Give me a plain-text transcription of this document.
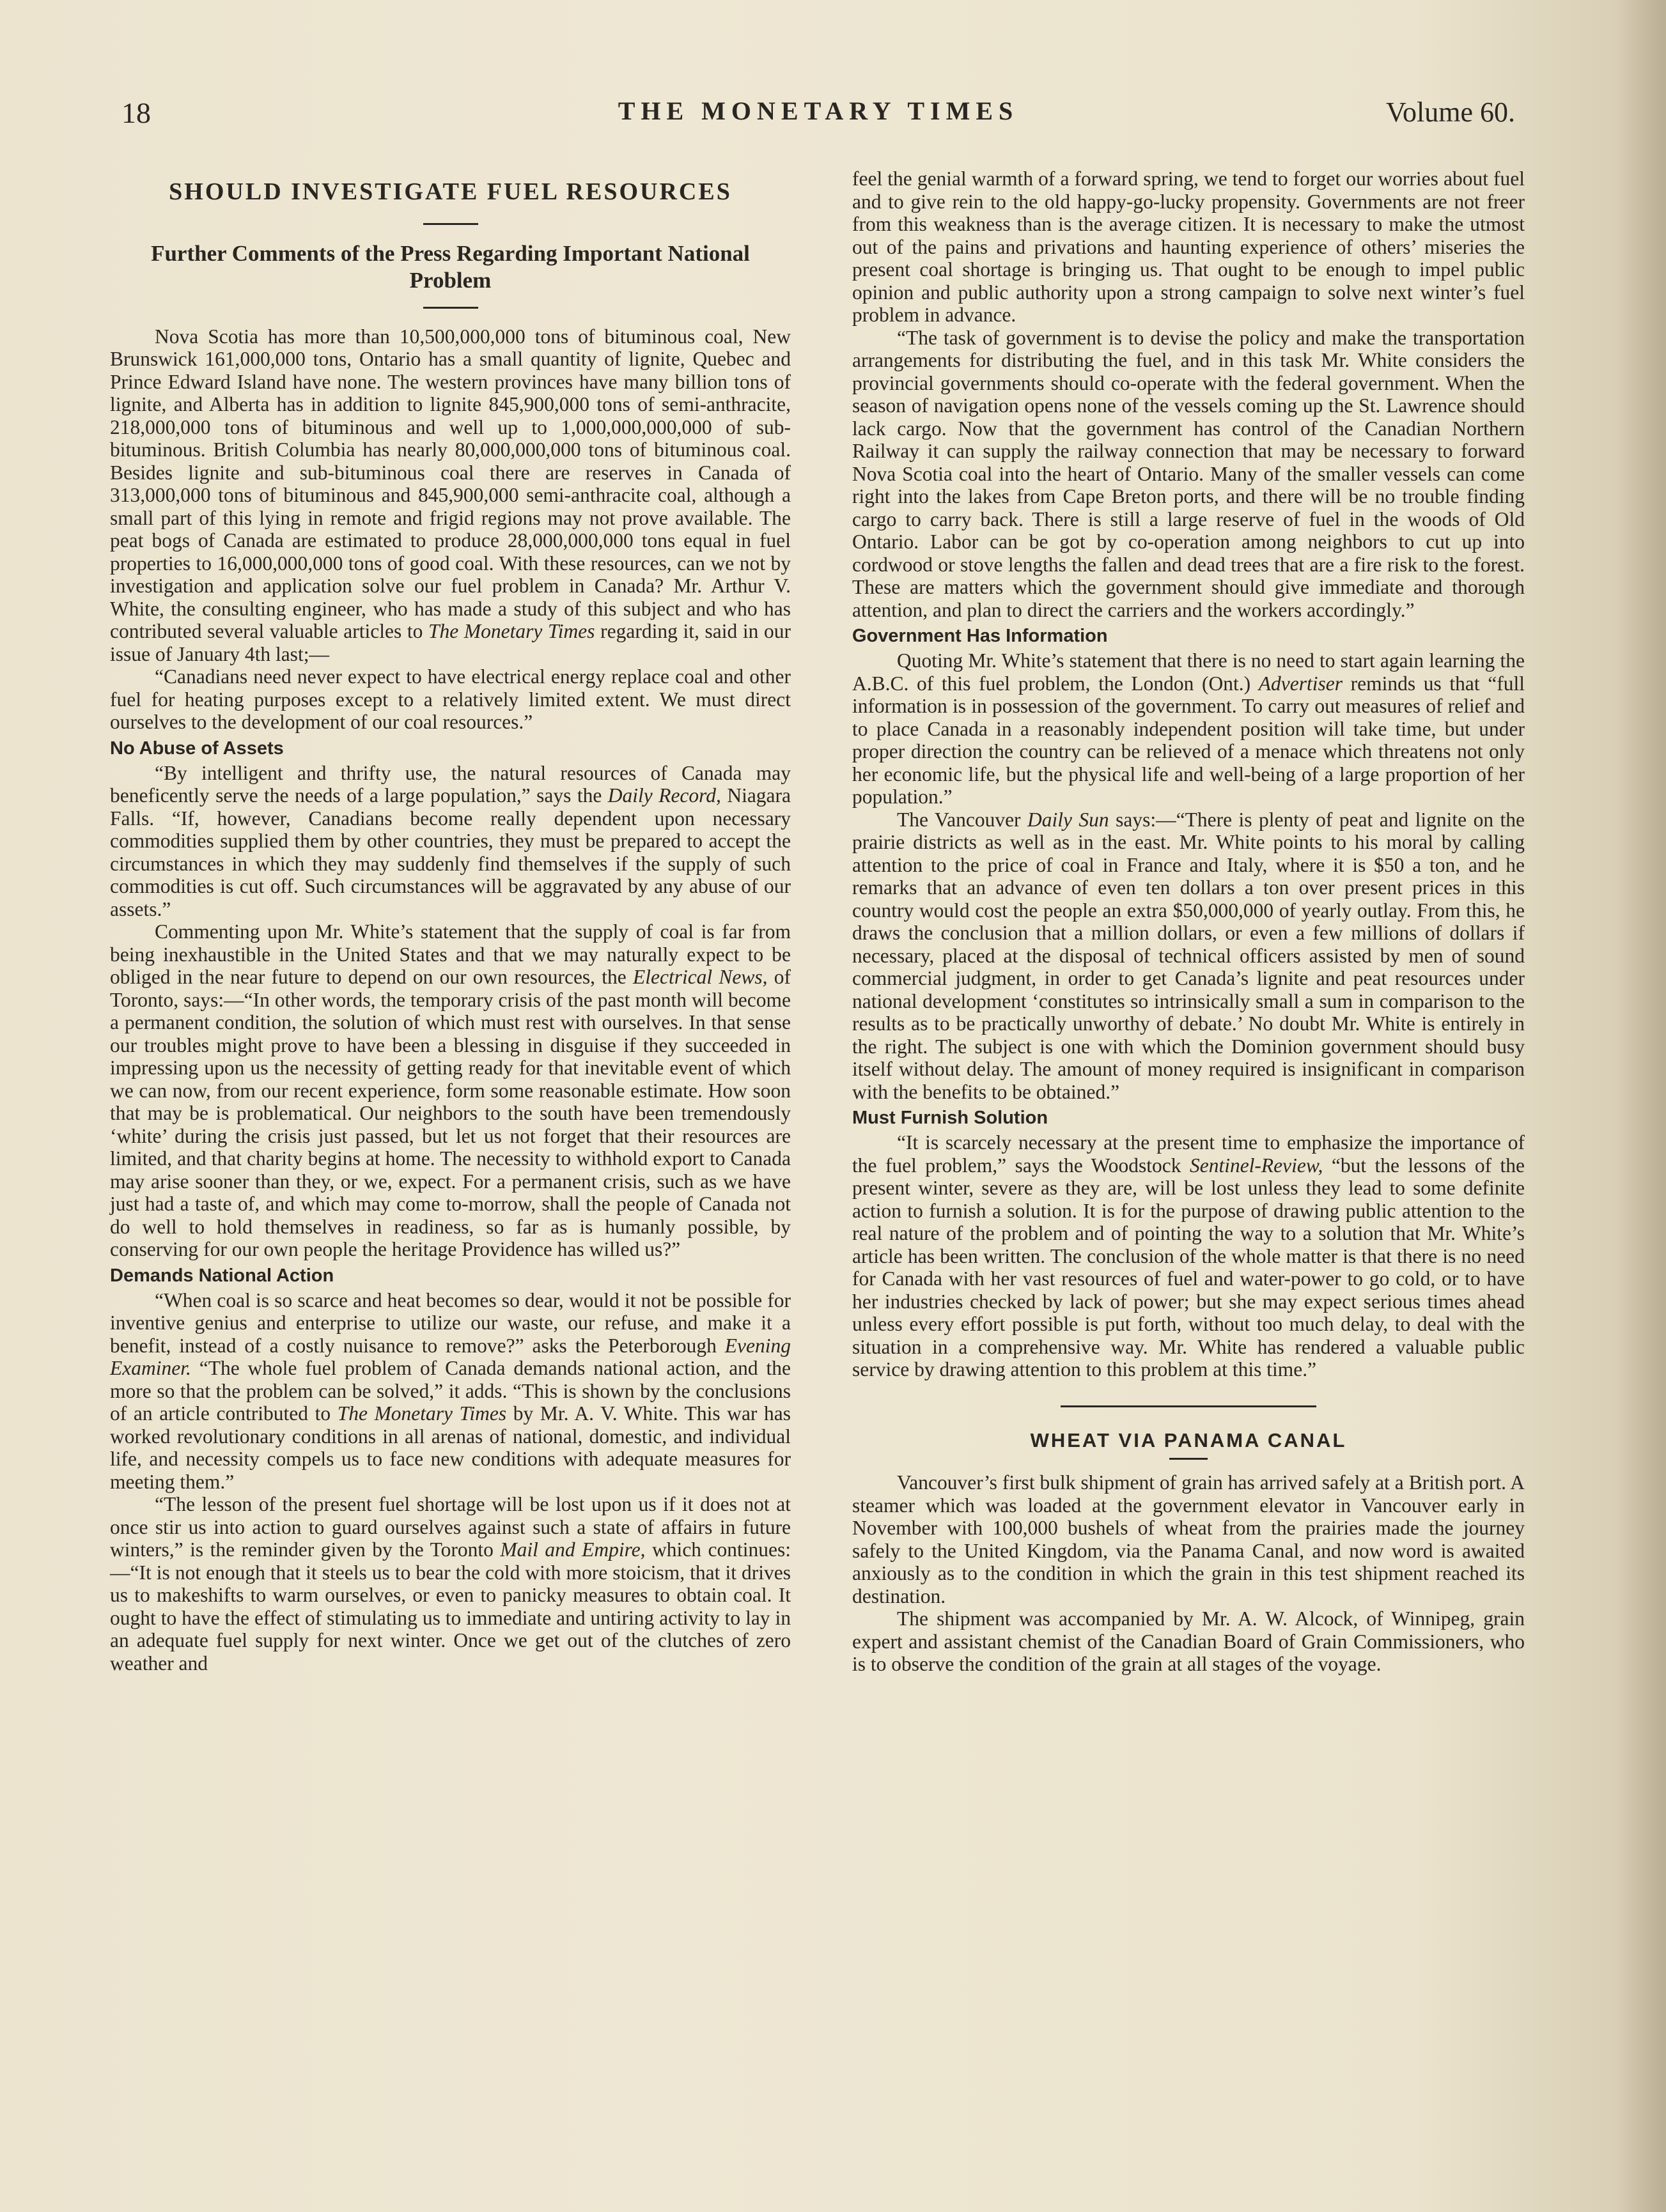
18	THE MONETARY TIMES	Volume 60.
SHOULD INVESTIGATE FUEL RESOURCES
Further Comments of the Press Regarding Important National Problem

Nova Scotia has more than 10,500,000,000 tons of bituminous coal, New Brunswick 161,000,000 tons, Ontario has a small quantity of lignite, Quebec and Prince Edward Island have none. The western provinces have many billion tons of lignite, and Alberta has in addition to lignite 845,900,000 tons of semi-anthracite, 218,000,000 tons of bituminous and well up to 1,000,000,000,000 of sub-bituminous. British Columbia has nearly 80,000,000,000 tons of bituminous coal. Besides lignite and sub-bituminous coal there are reserves in Canada of 313,000,000 tons of bituminous and 845,900,000 semi-anthracite coal, although a small part of this lying in remote and frigid regions may not prove available. The peat bogs of Canada are estimated to produce 28,000,000,000 tons equal in fuel properties to 16,000,000,000 tons of good coal. With these resources, can we not by investigation and application solve our fuel problem in Canada? Mr. Arthur V. White, the consulting engineer, who has made a study of this subject and who has contributed several valuable articles to The Monetary Times regarding it, said in our issue of January 4th last;—

“Canadians need never expect to have electrical energy replace coal and other fuel for heating purposes except to a relatively limited extent. We must direct ourselves to the development of our coal resources.”

No Abuse of Assets

“By intelligent and thrifty use, the natural resources of Canada may beneficently serve the needs of a large population,” says the Daily Record, Niagara Falls. “If, however, Canadians become really dependent upon necessary commodities supplied them by other countries, they must be prepared to accept the circumstances in which they may suddenly find themselves if the supply of such commodities is cut off. Such circumstances will be aggravated by any abuse of our assets.”

Commenting upon Mr. White’s statement that the supply of coal is far from being inexhaustible in the United States and that we may naturally expect to be obliged in the near future to depend on our own resources, the Electrical News, of Toronto, says:—“In other words, the temporary crisis of the past month will become a permanent condition, the solution of which must rest with ourselves. In that sense our troubles might prove to have been a blessing in disguise if they succeeded in impressing upon us the necessity of getting ready for that inevitable event of which we can now, from our recent experience, form some reasonable estimate. How soon that may be is problematical. Our neighbors to the south have been tremendously ‘white’ during the crisis just passed, but let us not forget that their resources are limited, and that charity begins at home. The necessity to withhold export to Canada may arise sooner than they, or we, expect. For a permanent crisis, such as we have just had a taste of, and which may come to-morrow, shall the people of Canada not do well to hold themselves in readiness, so far as is humanly possible, by conserving for our own people the heritage Providence has willed us?”

Demands National Action

“When coal is so scarce and heat becomes so dear, would it not be possible for inventive genius and enterprise to utilize our waste, our refuse, and make it a benefit, instead of a costly nuisance to remove?” asks the Peterborough Evening Examiner. “The whole fuel problem of Canada demands national action, and the more so that the problem can be solved,” it adds. “This is shown by the conclusions of an article contributed to The Monetary Times by Mr. A. V. White. This war has worked revolutionary conditions in all arenas of national, domestic, and individual life, and necessity compels us to face new conditions with adequate measures for meeting them.”

“The lesson of the present fuel shortage will be lost upon us if it does not at once stir us into action to guard ourselves against such a state of affairs in future winters,” is the reminder given by the Toronto Mail and Empire, which continues:—“It is not enough that it steels us to bear the cold with more stoicism, that it drives us to makeshifts to warm ourselves, or even to panicky measures to obtain coal. It ought to have the effect of stimulating us to immediate and untiring activity to lay in an adequate fuel supply for next winter. Once we get out of the clutches of zero weather and

feel the genial warmth of a forward spring, we tend to forget our worries about fuel and to give rein to the old happy-go-lucky propensity. Governments are not freer from this weakness than is the average citizen. It is necessary to make the utmost out of the pains and privations and haunting experience of others’ miseries the present coal shortage is bringing us. That ought to be enough to impel public opinion and public authority upon a strong campaign to solve next winter’s fuel problem in advance.

“The task of government is to devise the policy and make the transportation arrangements for distributing the fuel, and in this task Mr. White considers the provincial governments should co-operate with the federal government. When the season of navigation opens none of the vessels coming up the St. Lawrence should lack cargo. Now that the government has control of the Canadian Northern Railway it can supply the railway connection that may be necessary to forward Nova Scotia coal into the heart of Ontario. Many of the smaller vessels can come right into the lakes from Cape Breton ports, and there will be no trouble finding cargo to carry back. There is still a large reserve of fuel in the woods of Old Ontario. Labor can be got by co-operation among neighbors to cut up into cordwood or stove lengths the fallen and dead trees that are a fire risk to the forest. These are matters which the government should give immediate and thorough attention, and plan to direct the carriers and the workers accordingly.”

Government Has Information

Quoting Mr. White’s statement that there is no need to start again learning the A.B.C. of this fuel problem, the London (Ont.) Advertiser reminds us that “full information is in possession of the government. To carry out measures of relief and to place Canada in a reasonably independent position will take time, but under proper direction the country can be relieved of a menace which threatens not only her economic life, but the physical life and well-being of a large proportion of her population.”

The Vancouver Daily Sun says:—“There is plenty of peat and lignite on the prairie districts as well as in the east. Mr. White points to his moral by calling attention to the price of coal in France and Italy, where it is $50 a ton, and he remarks that an advance of even ten dollars a ton over present prices in this country would cost the people an extra $50,000,000 of yearly outlay. From this, he draws the conclusion that a million dollars, or even a few millions of dollars if necessary, placed at the disposal of technical officers assisted by men of sound commercial judgment, in order to get Canada’s lignite and peat resources under national development ‘constitutes so intrinsically small a sum in comparison to the results as to be practically unworthy of debate.’ No doubt Mr. White is entirely in the right. The subject is one with which the Dominion government should busy itself without delay. The amount of money required is insignificant in comparison with the benefits to be obtained.”

Must Furnish Solution

“It is scarcely necessary at the present time to emphasize the importance of the fuel problem,” says the Woodstock Sentinel-Review, “but the lessons of the present winter, severe as they are, will be lost unless they lead to some definite action to furnish a solution. It is for the purpose of drawing public attention to the real nature of the problem and of pointing the way to a solution that Mr. White’s article has been written. The conclusion of the whole matter is that there is no need for Canada with her vast resources of fuel and water-power to go cold, or to have her industries checked by lack of power; but she may expect serious times ahead unless every effort possible is put forth, without too much delay, to deal with the situation in a comprehensive way. Mr. White has rendered a valuable public service by drawing attention to this problem at this time.”

WHEAT VIA PANAMA CANAL

Vancouver’s first bulk shipment of grain has arrived safely at a British port. A steamer which was loaded at the government elevator in Vancouver early in November with 100,000 bushels of wheat from the prairies made the journey safely to the United Kingdom, via the Panama Canal, and now word is awaited anxiously as to the condition in which the grain in this test shipment reached its destination.

The shipment was accompanied by Mr. A. W. Alcock, of Winnipeg, grain expert and assistant chemist of the Canadian Board of Grain Commissioners, who is to observe the condition of the grain at all stages of the voyage.
